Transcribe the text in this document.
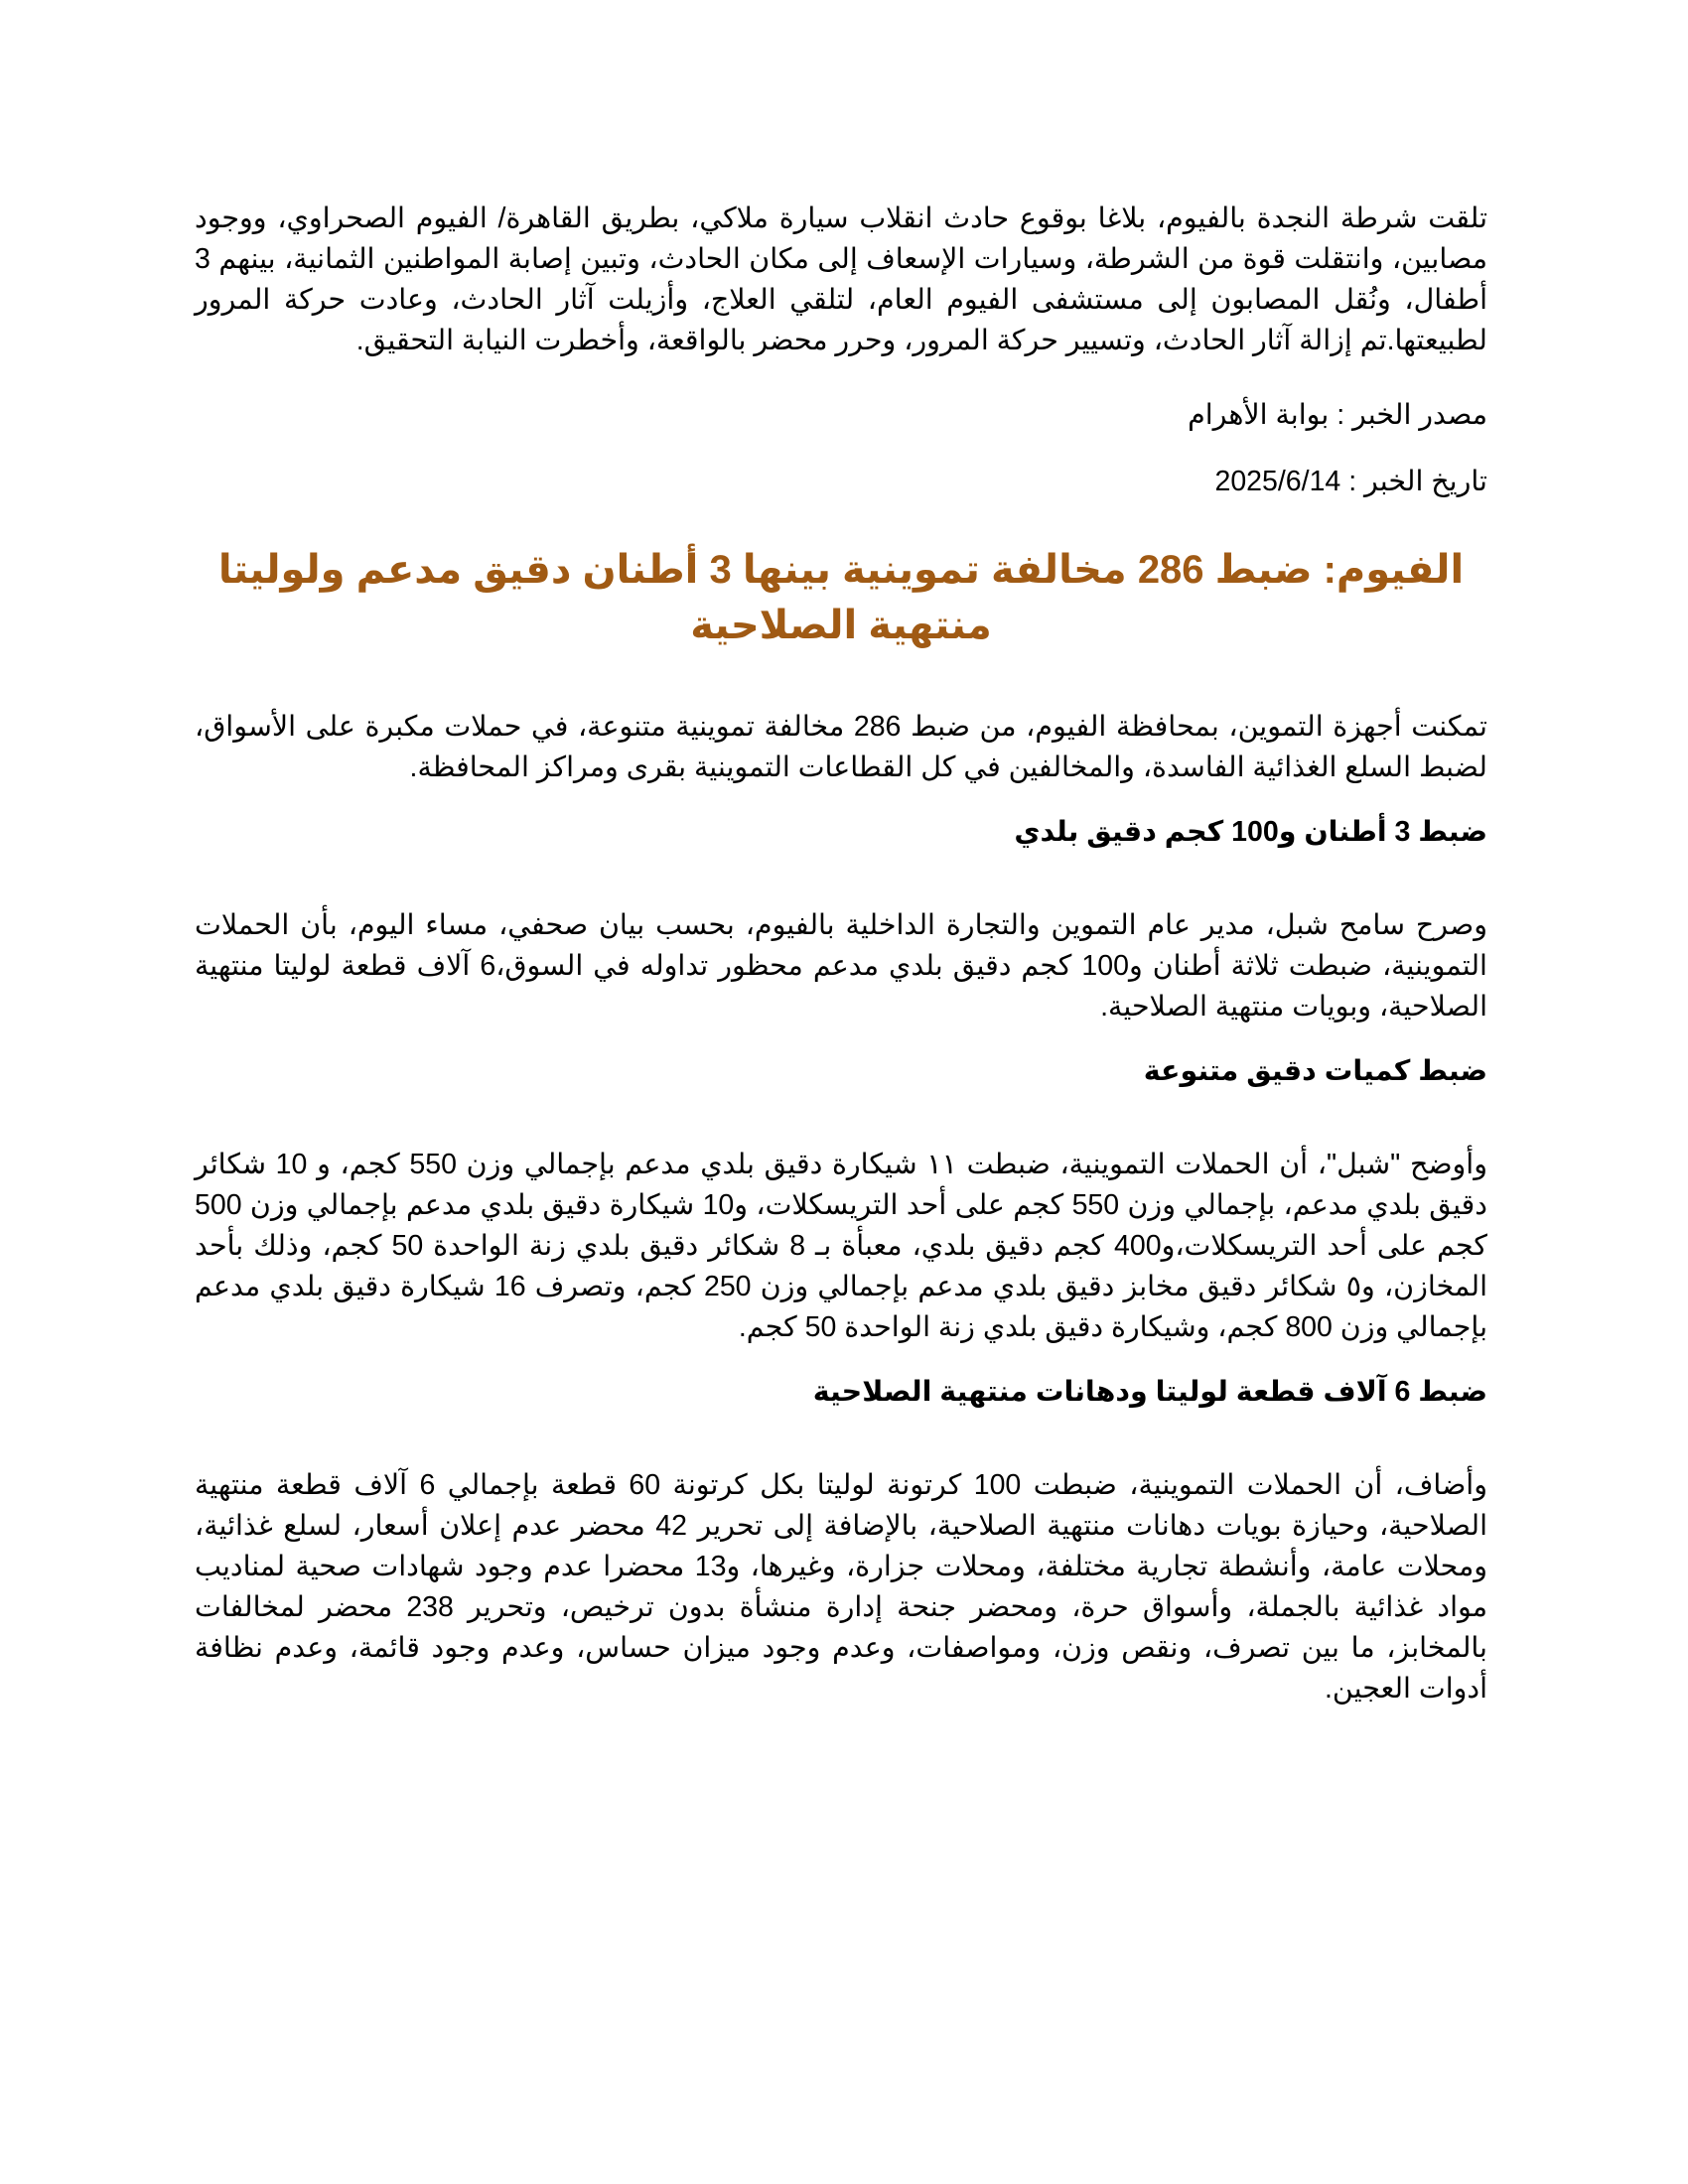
تلقت شرطة النجدة بالفيوم، بلاغا بوقوع حادث انقلاب سيارة ملاكي، بطريق القاهرة/ الفيوم الصحراوي، ووجود مصابين، وانتقلت قوة من الشرطة، وسيارات الإسعاف إلى مكان الحادث، وتبين إصابة المواطنين الثمانية، بينهم 3 أطفال، ونُقل المصابون إلى مستشفى الفيوم العام، لتلقي العلاج، وأزيلت آثار الحادث، وعادت حركة المرور لطبيعتها.تم إزالة آثار الحادث، وتسيير حركة المرور، وحرر محضر بالواقعة، وأخطرت النيابة التحقيق.

مصدر الخبر : بوابة الأهرام

تاريخ الخبر : 2025/6/14

الفيوم: ضبط 286 مخالفة تموينية بينها 3 أطنان دقيق مدعم ولوليتا منتهية الصلاحية

تمكنت أجهزة التموين، بمحافظة الفيوم، من ضبط 286 مخالفة تموينية متنوعة، في حملات مكبرة على الأسواق، لضبط السلع الغذائية الفاسدة، والمخالفين في كل القطاعات التموينية بقرى ومراكز المحافظة.

ضبط 3 أطنان و100 كجم دقيق بلدي

وصرح سامح شبل، مدير عام التموين والتجارة الداخلية بالفيوم، بحسب بيان صحفي، مساء اليوم، بأن الحملات التموينية، ضبطت ثلاثة أطنان و100 كجم دقيق بلدي مدعم محظور تداوله في السوق،6 آلاف قطعة لوليتا منتهية الصلاحية، وبويات منتهية الصلاحية.

ضبط كميات دقيق متنوعة

وأوضح "شبل"، أن الحملات التموينية، ضبطت ١١ شيكارة دقيق بلدي مدعم بإجمالي وزن 550 كجم، و 10 شكائر دقيق بلدي مدعم، بإجمالي وزن 550 كجم على أحد التريسكلات، و10 شيكارة دقيق بلدي مدعم بإجمالي وزن 500 كجم على أحد التريسكلات،و400 كجم دقيق بلدي، معبأة بـ 8 شكائر دقيق بلدي زنة الواحدة 50 كجم، وذلك بأحد المخازن، و٥ شكائر دقيق مخابز دقيق بلدي مدعم بإجمالي وزن 250 كجم، وتصرف 16 شيكارة دقيق بلدي مدعم بإجمالي وزن 800 كجم، وشيكارة دقيق بلدي زنة الواحدة 50 كجم.

ضبط 6 آلاف قطعة لوليتا ودهانات منتهية الصلاحية

وأضاف، أن الحملات التموينية، ضبطت 100 كرتونة لوليتا بكل كرتونة 60 قطعة بإجمالي 6 آلاف قطعة منتهية الصلاحية، وحيازة بويات دهانات منتهية الصلاحية، بالإضافة إلى تحرير 42 محضر عدم إعلان أسعار، لسلع غذائية، ومحلات عامة، وأنشطة تجارية مختلفة، ومحلات جزارة، وغيرها، و13 محضرا عدم وجود شهادات صحية لمناديب مواد غذائية بالجملة، وأسواق حرة، ومحضر جنحة إدارة منشأة بدون ترخيص، وتحرير 238 محضر لمخالفات بالمخابز، ما بين تصرف، ونقص وزن، ومواصفات، وعدم وجود ميزان حساس، وعدم وجود قائمة، وعدم نظافة أدوات العجين.
